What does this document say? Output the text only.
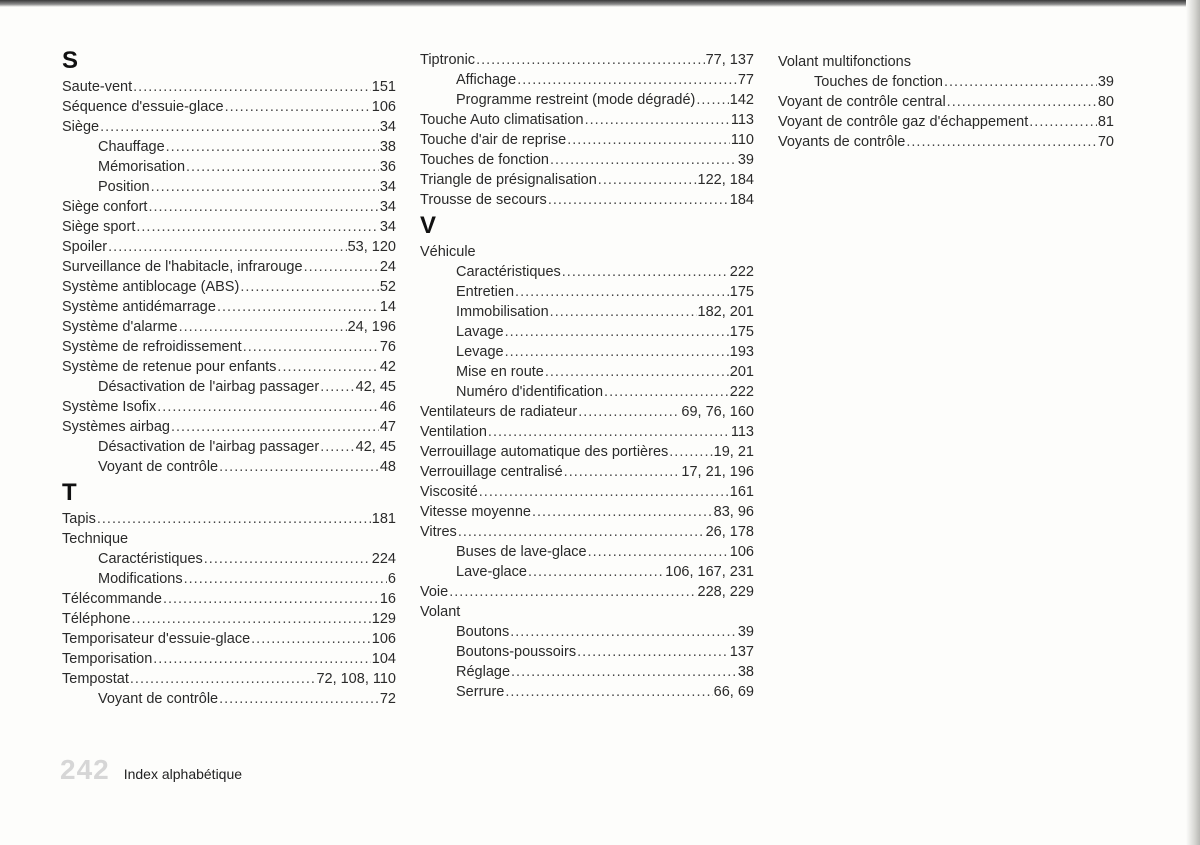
S
Saute-vent .....	151
Séquence d'essuie-glace .....	106
Siège .....	34
Chauffage .....	38
Mémorisation .....	36
Position .....	34
Siège confort .....	34
Siège sport .....	34
Spoiler .....	53, 120
Surveillance de l'habitacle, infrarouge .....	24
Système antiblocage (ABS) .....	52
Système antidémarrage .....	14
Système d'alarme .....	24, 196
Système de refroidissement .....	76
Système de retenue pour enfants .....	42
Désactivation de l'airbag passager .....	42, 45
Système Isofix .....	46
Systèmes airbag .....	47
Désactivation de l'airbag passager .....	42, 45
Voyant de contrôle .....	48
T
Tapis .....	181
Technique
Caractéristiques .....	224
Modifications .....	6
Télécommande .....	16
Téléphone .....	129
Temporisateur d'essuie-glace .....	106
Temporisation .....	104
Tempostat .....	72, 108, 110
Voyant de contrôle .....	72
Tiptronic .....	77, 137
Affichage .....	77
Programme restreint (mode dégradé) ..... 142
Touche Auto climatisation .....	113
Touche d'air de reprise .....	110
Touches de fonction .....	39
Triangle de présignalisation .....	122, 184
Trousse de secours .....	184
V
Véhicule
Caractéristiques .....	222
Entretien .....	175
Immobilisation .....	182, 201
Lavage .....	175
Levage .....	193
Mise en route .....	201
Numéro d'identification .....	222
Ventilateurs de radiateur .....	69, 76, 160
Ventilation .....	113
Verrouillage automatique des portières .....	19, 21
Verrouillage centralisé .....	17, 21, 196
Viscosité .....	161
Vitesse moyenne .....	83, 96
Vitres .....	26, 178
Buses de lave-glace .....	106
Lave-glace .....	106, 167, 231
Voie .....	228, 229
Volant
Boutons .....	39
Boutons-poussoirs .....	137
Réglage .....	38
Serrure .....	66, 69
Volant multifonctions
Touches de fonction .....	39
Voyant de contrôle central .....	80
Voyant de contrôle gaz d'échappement .....	81
Voyants de contrôle .....	70
242 Index alphabétique
